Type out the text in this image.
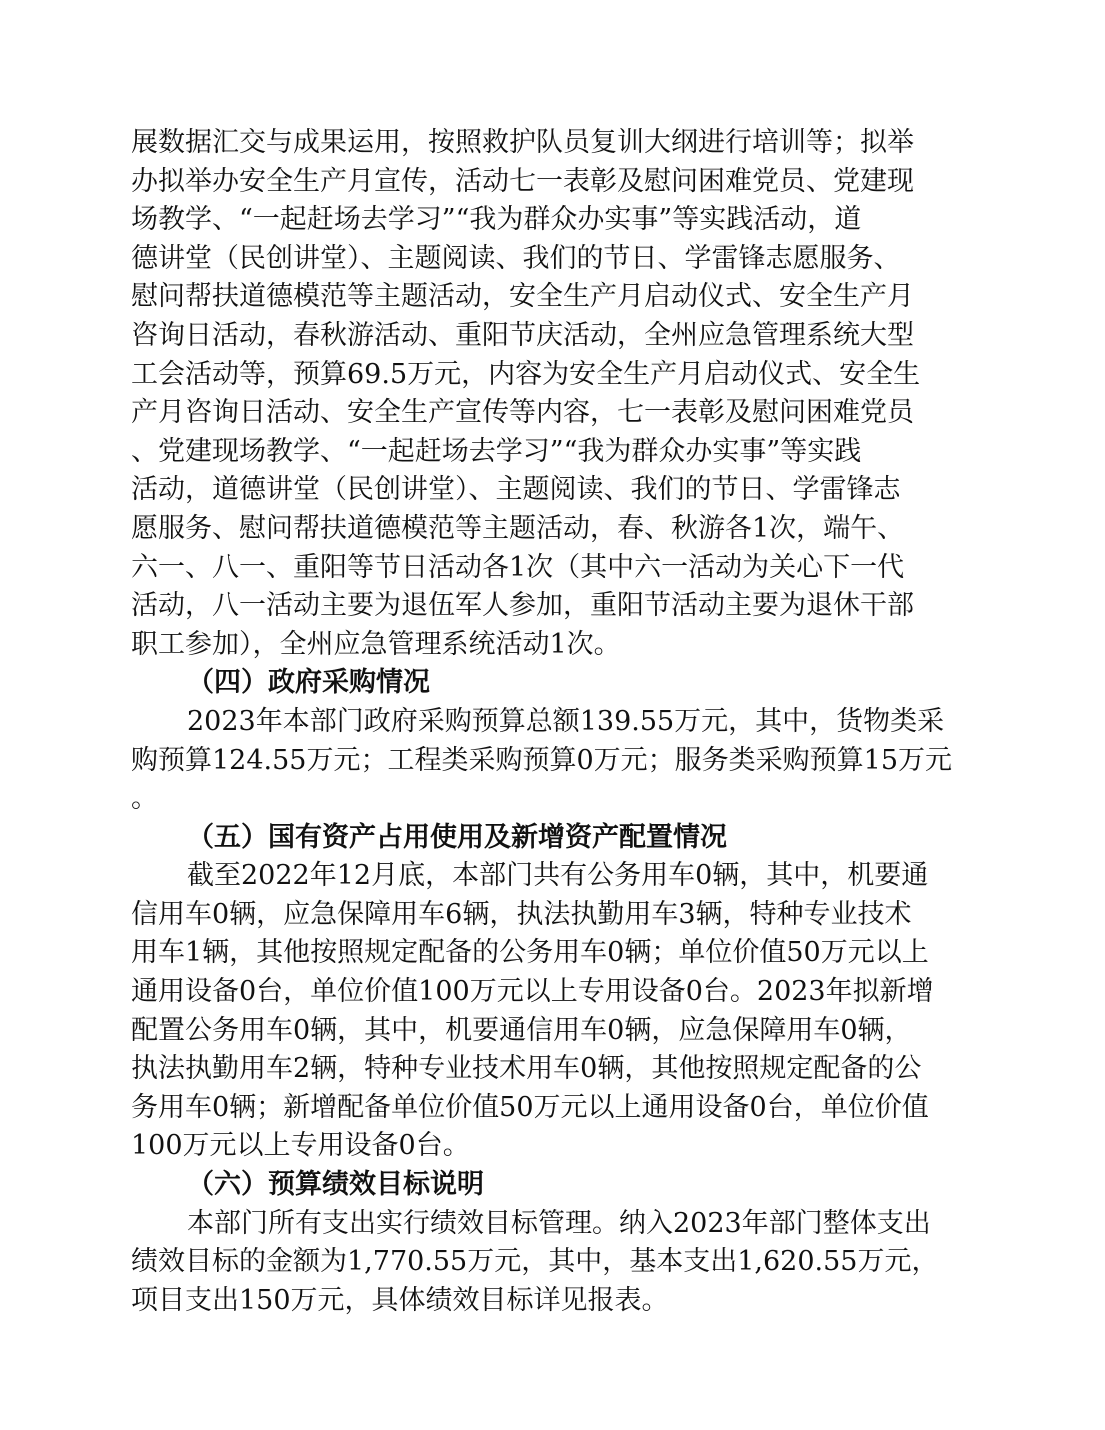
展数据汇交与成果运用，按照救护队员复训大纲进行培训等；拟举
办拟举办安全生产月宣传，活动七一表彰及慰问困难党员、党建现
场教学、“一起赶场去学习”“我为群众办实事”等实践活动，道
德讲堂（民创讲堂）、主题阅读、我们的节日、学雷锋志愿服务、
慰问帮扶道德模范等主题活动，安全生产月启动仪式、安全生产月
咨询日活动，春秋游活动、重阳节庆活动，全州应急管理系统大型
工会活动等，预算69.5万元，内容为安全生产月启动仪式、安全生
产月咨询日活动、安全生产宣传等内容，七一表彰及慰问困难党员
、党建现场教学、“一起赶场去学习”“我为群众办实事”等实践
活动，道德讲堂（民创讲堂）、主题阅读、我们的节日、学雷锋志
愿服务、慰问帮扶道德模范等主题活动，春、秋游各1次，端午、
六一、八一、重阳等节日活动各1次（其中六一活动为关心下一代
活动，八一活动主要为退伍军人参加，重阳节活动主要为退休干部
职工参加），全州应急管理系统活动1次。
（四）政府采购情况
2023年本部门政府采购预算总额139.55万元，其中，货物类采
购预算124.55万元；工程类采购预算0万元；服务类采购预算15万元
。
（五）国有资产占用使用及新增资产配置情况
截至2022年12月底，本部门共有公务用车0辆，其中，机要通
信用车0辆，应急保障用车6辆，执法执勤用车3辆，特种专业技术
用车1辆，其他按照规定配备的公务用车0辆；单位价值50万元以上
通用设备0台，单位价值100万元以上专用设备0台。2023年拟新增
配置公务用车0辆，其中，机要通信用车0辆，应急保障用车0辆，
执法执勤用车2辆，特种专业技术用车0辆，其他按照规定配备的公
务用车0辆；新增配备单位价值50万元以上通用设备0台，单位价值
100万元以上专用设备0台。
（六）预算绩效目标说明
本部门所有支出实行绩效目标管理。纳入2023年部门整体支出
绩效目标的金额为1,770.55万元，其中，基本支出1,620.55万元，
项目支出150万元，具体绩效目标详见报表。
